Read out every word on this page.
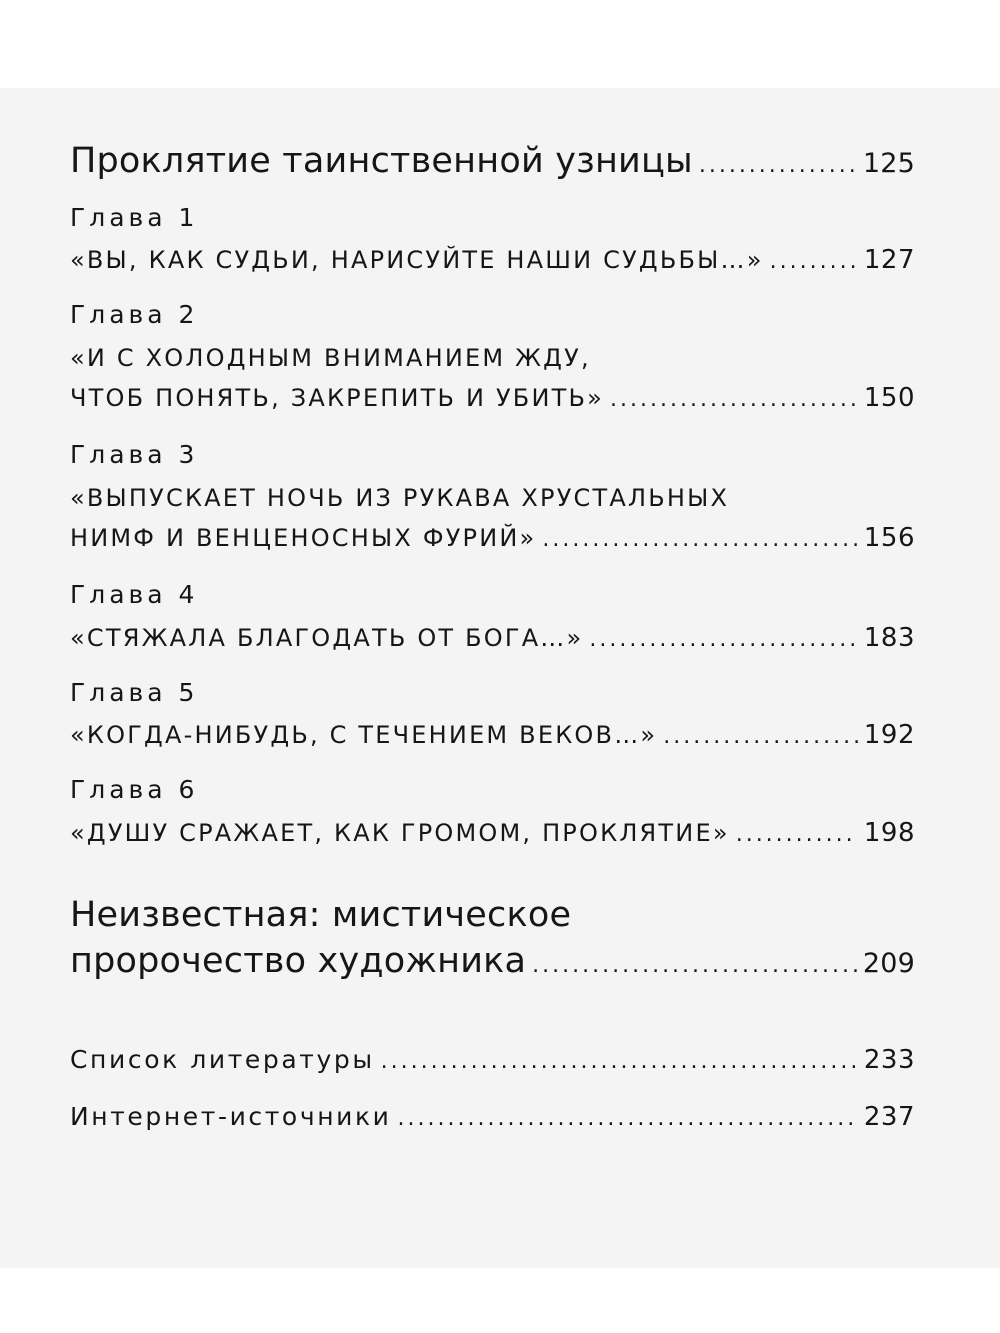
Проклятие таинственной узницы .....	125
Глава 1
«ВЫ, КАК СУДЬИ, НАРИСУЙТЕ НАШИ СУДЬБЫ…» .....	127
Глава 2
«И С ХОЛОДНЫМ ВНИМАНИЕМ ЖДУ,
ЧТОБ ПОНЯТЬ, ЗАКРЕПИТЬ И УБИТЬ» .....	150
Глава 3
«ВЫПУСКАЕТ НОЧЬ ИЗ РУКАВА ХРУСТАЛЬНЫХ
НИМФ И ВЕНЦЕНОСНЫХ ФУРИЙ» .....	156
Глава 4
«СТЯЖАЛА БЛАГОДАТЬ ОТ БОГА…» .....	183
Глава 5
«КОГДА-НИБУДЬ, С ТЕЧЕНИЕМ ВЕКОВ…» .....	192
Глава 6
«ДУШУ СРАЖАЕТ, КАК ГРОМОМ, ПРОКЛЯТИЕ» .....	198
Неизвестная: мистическое
пророчество художника .....	209
Список литературы .....	233
Интернет-источники .....	237
